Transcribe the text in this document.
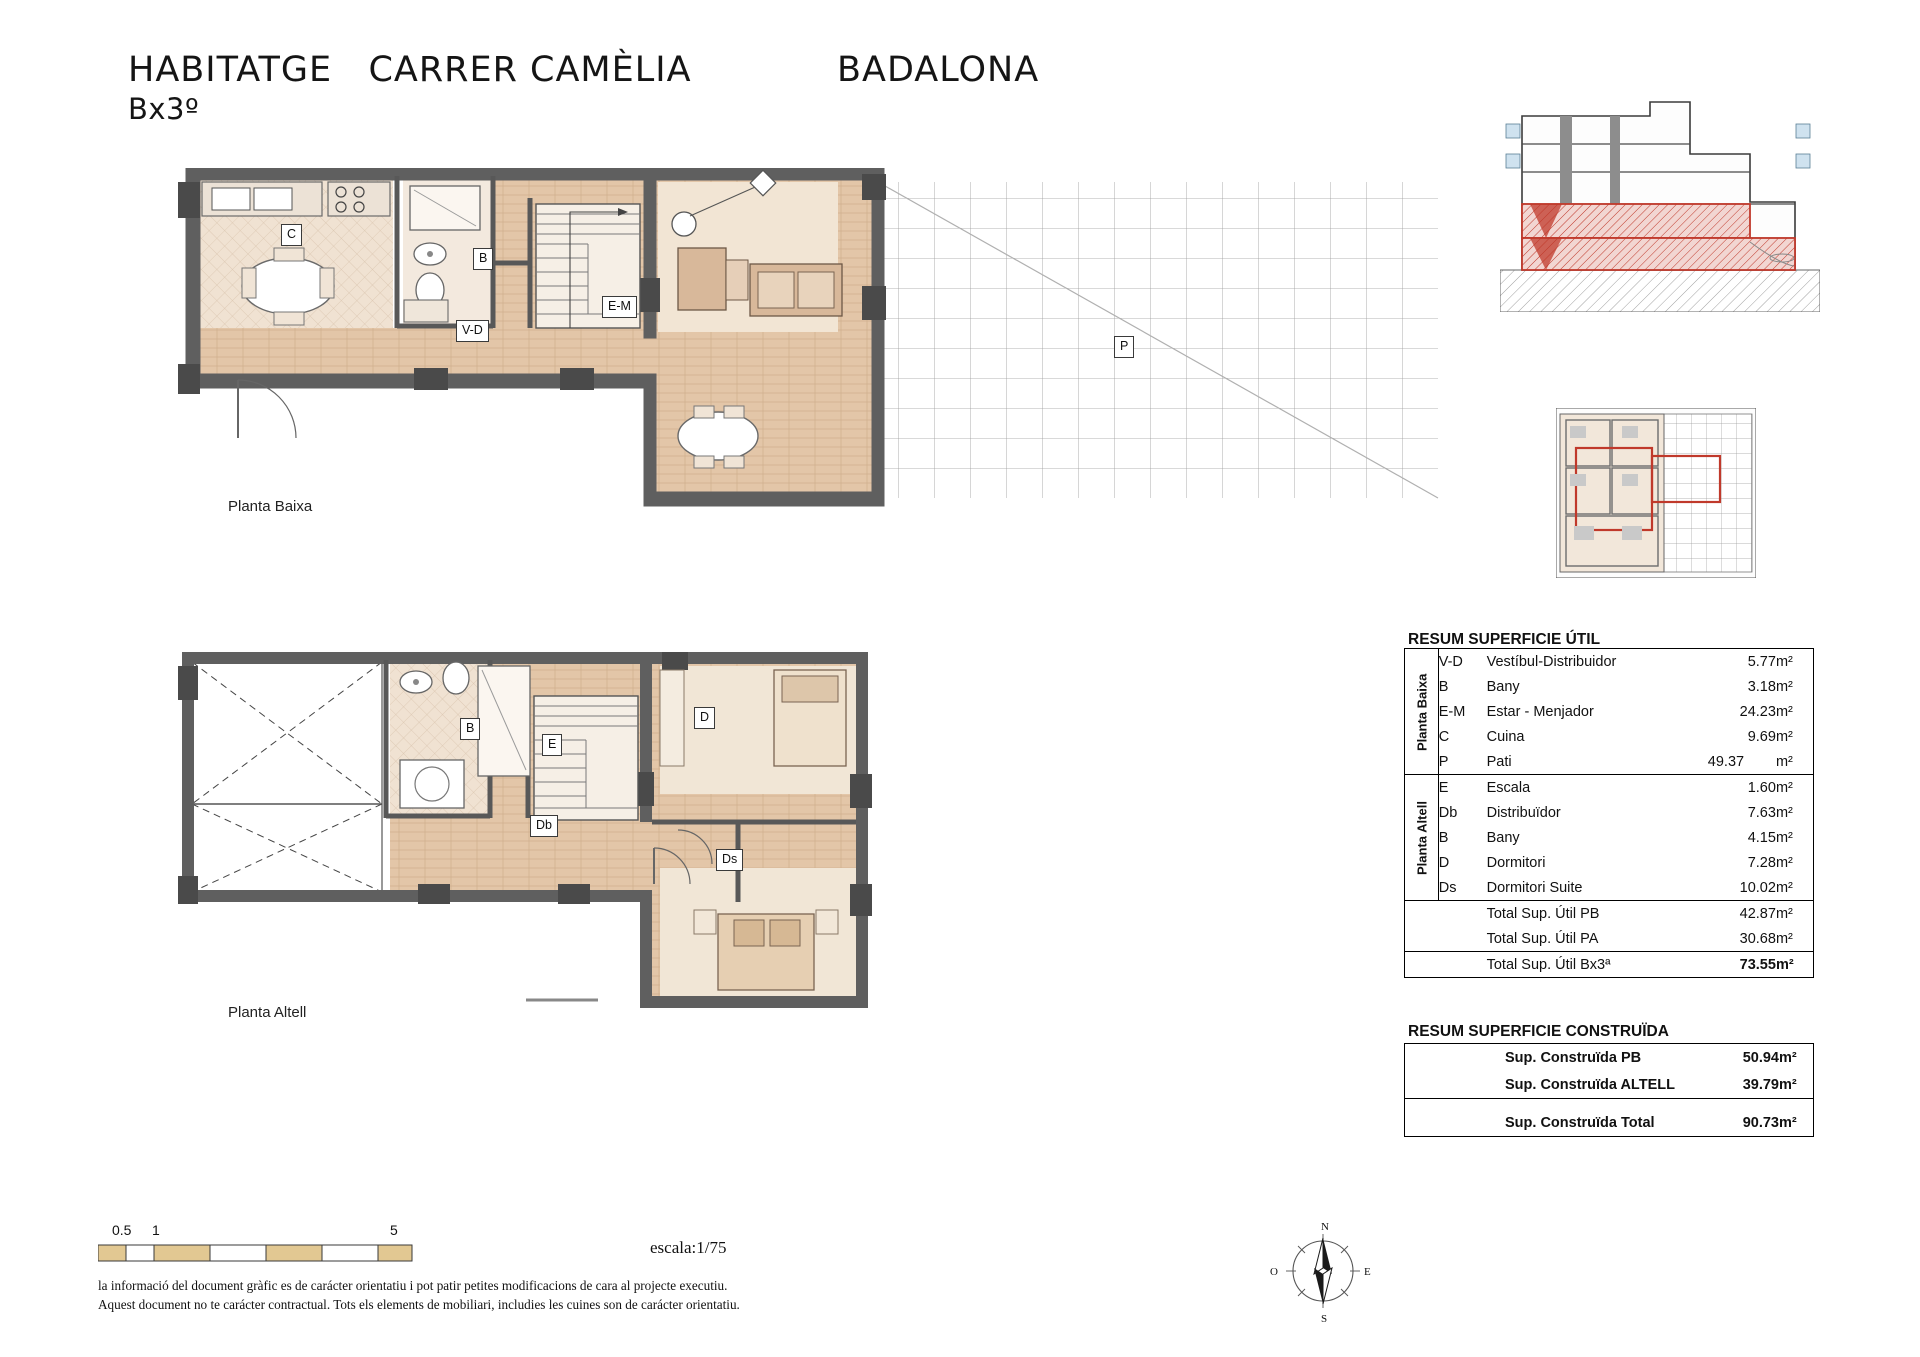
HABITATGE   CARRER CAMÈLIA            BADALONA
Bx3º
C
B
V-D
E-M
P
Planta Baixa
B
E
Db
D
Ds
Planta Altell
RESUM SUPERFICIE ÚTIL
Planta Baixa	V-D	Vestíbul-Distribuidor	5.77	m²
	B	Bany	3.18	m²
	E-M	Estar - Menjador	24.23	m²
	C	Cuina	9.69	m²
	P	Pati	49.37	m²
Planta Altell	E	Escala	1.60	m²
	Db	Distribuïdor	7.63	m²
	B	Bany	4.15	m²
	D	Dormitori	7.28	m²
	Ds	Dormitori Suite	10.02	m²
		Total Sup. Útil PB	42.87	m²
		Total Sup. Útil PA	30.68	m²
		Total Sup. Útil Bx3ª	73.55	m²
RESUM SUPERFICIE CONSTRUÏDA
Sup. Construïda PB	50.94	m²
Sup. Construïda ALTELL	39.79	m²
Sup. Construïda Total	90.73	m²
0.5 1	5
escala:1/75
la informació del document gràfic es de carácter orientatiu i pot patir petites modificacions de cara al projecte executiu. Aquest document no te carácter contractual. Tots els elements de mobiliari, includies les cuines son de carácter orientatiu.
N
S
E
O
